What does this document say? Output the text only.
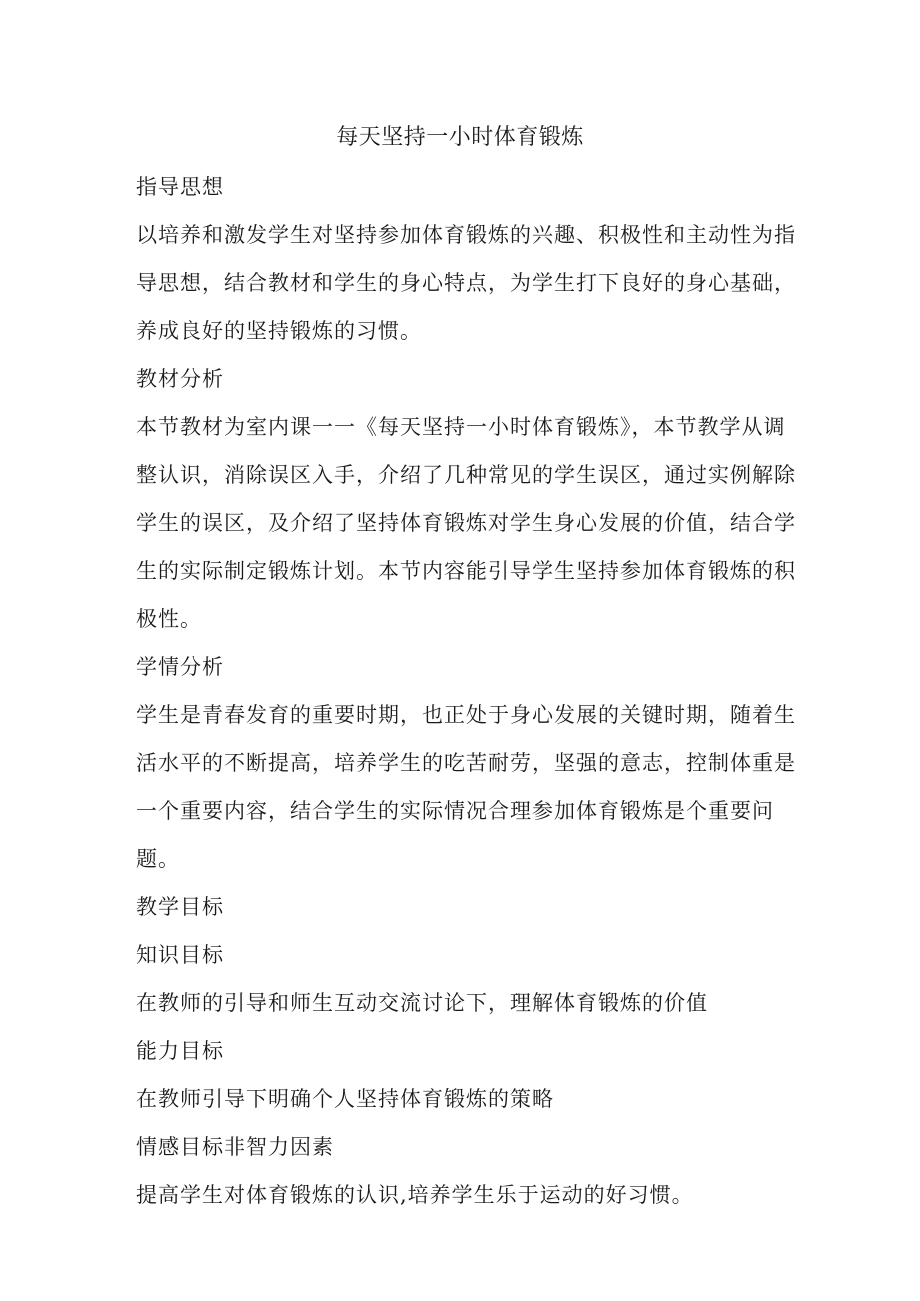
每天坚持一小时体育锻炼

指导思想

以培养和激发学生对坚持参加体育锻炼的兴趣、积极性和主动性为指导思想，结合教材和学生的身心特点，为学生打下良好的身心基础，养成良好的坚持锻炼的习惯。

教材分析

本节教材为室内课一一《每天坚持一小时体育锻炼》，本节教学从调整认识，消除误区入手，介绍了几种常见的学生误区，通过实例解除学生的误区，及介绍了坚持体育锻炼对学生身心发展的价值，结合学生的实际制定锻炼计划。本节内容能引导学生坚持参加体育锻炼的积极性。

学情分析

学生是青春发育的重要时期，也正处于身心发展的关键时期，随着生活水平的不断提高，培养学生的吃苦耐劳，坚强的意志，控制体重是一个重要内容，结合学生的实际情况合理参加体育锻炼是个重要问题。

教学目标

知识目标

在教师的引导和师生互动交流讨论下，理解体育锻炼的价值

能力目标

在教师引导下明确个人坚持体育锻炼的策略

情感目标非智力因素

提高学生对体育锻炼的认识,培养学生乐于运动的好习惯。
